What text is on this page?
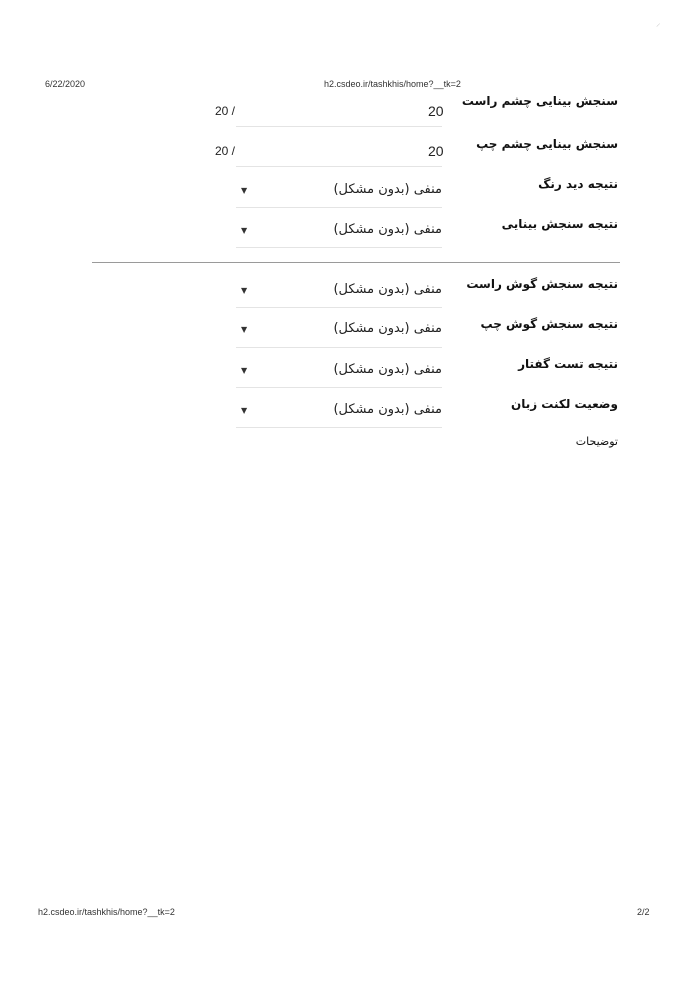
6/22/2020	h2.csdeo.ir/tashkhis/home?__tk=2
⸝
سنجش بینایی چشم راست
20
20 /
سنجش بینایی چشم چپ
20
20 /
نتیجه دید رنگ
منفی (بدون مشکل)
▼
نتیجه سنجش بینایی
منفی (بدون مشکل)
▼
نتیجه سنجش گوش راست
منفی (بدون مشکل)
▼
نتیجه سنجش گوش چپ
منفی (بدون مشکل)
▼
نتیجه تست گفتار
منفی (بدون مشکل)
▼
وضعیت لکنت زبان
منفی (بدون مشکل)
▼
توضیحات
h2.csdeo.ir/tashkhis/home?__tk=2	2/2
